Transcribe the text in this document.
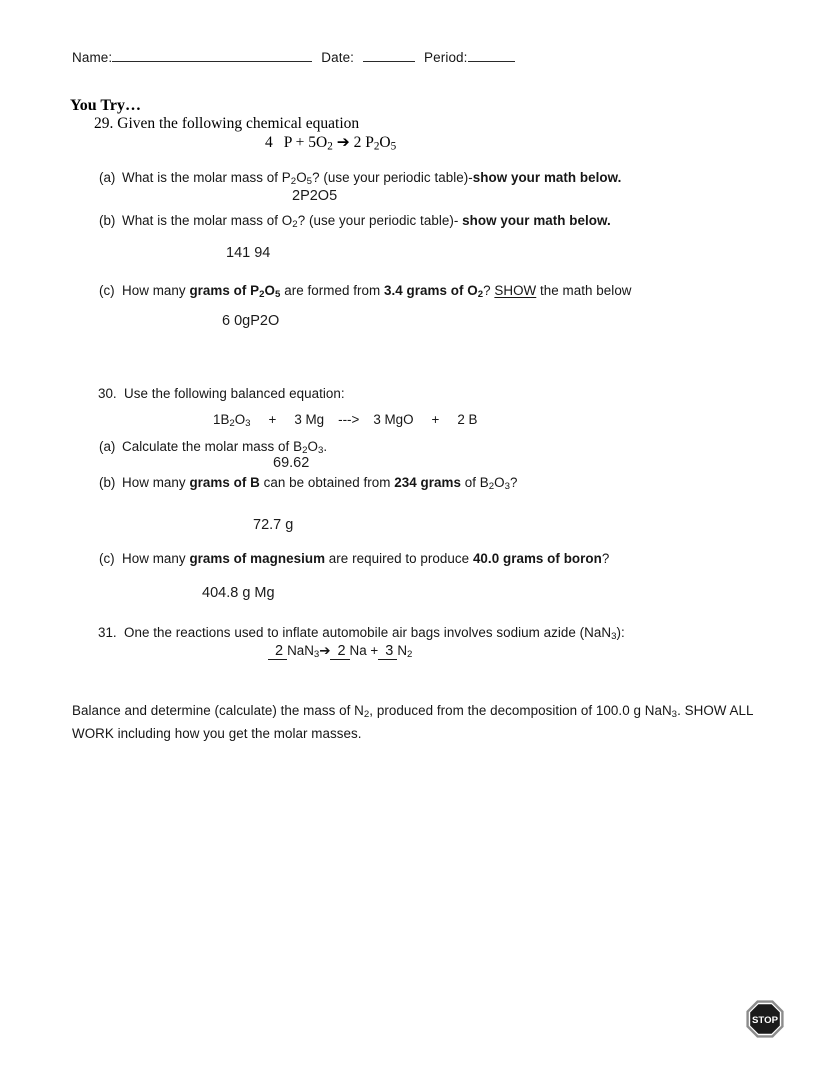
Name:	Date:	Period:
You Try…
29. Given the following chemical equation
4 $P + 5O_2$ ➔ 2 $P_2O_5$
(a) What is the molar mass of $P_2O_5$? (use your periodic table)-show your math below.
2P2O5
(b) What is the molar mass of $O_2$? (use your periodic table)- show your math below.
141 94
(c) How many grams of $P_2O_5$ are formed from 3.4 grams of $O_2$? SHOW the math below
6 0gP2O
30. Use the following balanced equation:
$1B_2O_3 + 3$ Mg ---> 3 MgO + 2 B
(a) Calculate the molar mass of $B_2O_3$.
69.62
(b) How many grams of B can be obtained from 234 grams of $B_2O_3$?
72.7 g
(c) How many grams of magnesium are required to produce 40.0 grams of boron?
404.8 g Mg
31. One the reactions used to inflate automobile air bags involves sodium azide (NaN$_3$):
2 NaN$_3$➔ 2 Na + 3 $N_2$
Balance and determine (calculate) the mass of $N_2$, produced from the decomposition of 100.0 g NaN$_3$. SHOW ALL WORK including how you get the molar masses.
STOP
